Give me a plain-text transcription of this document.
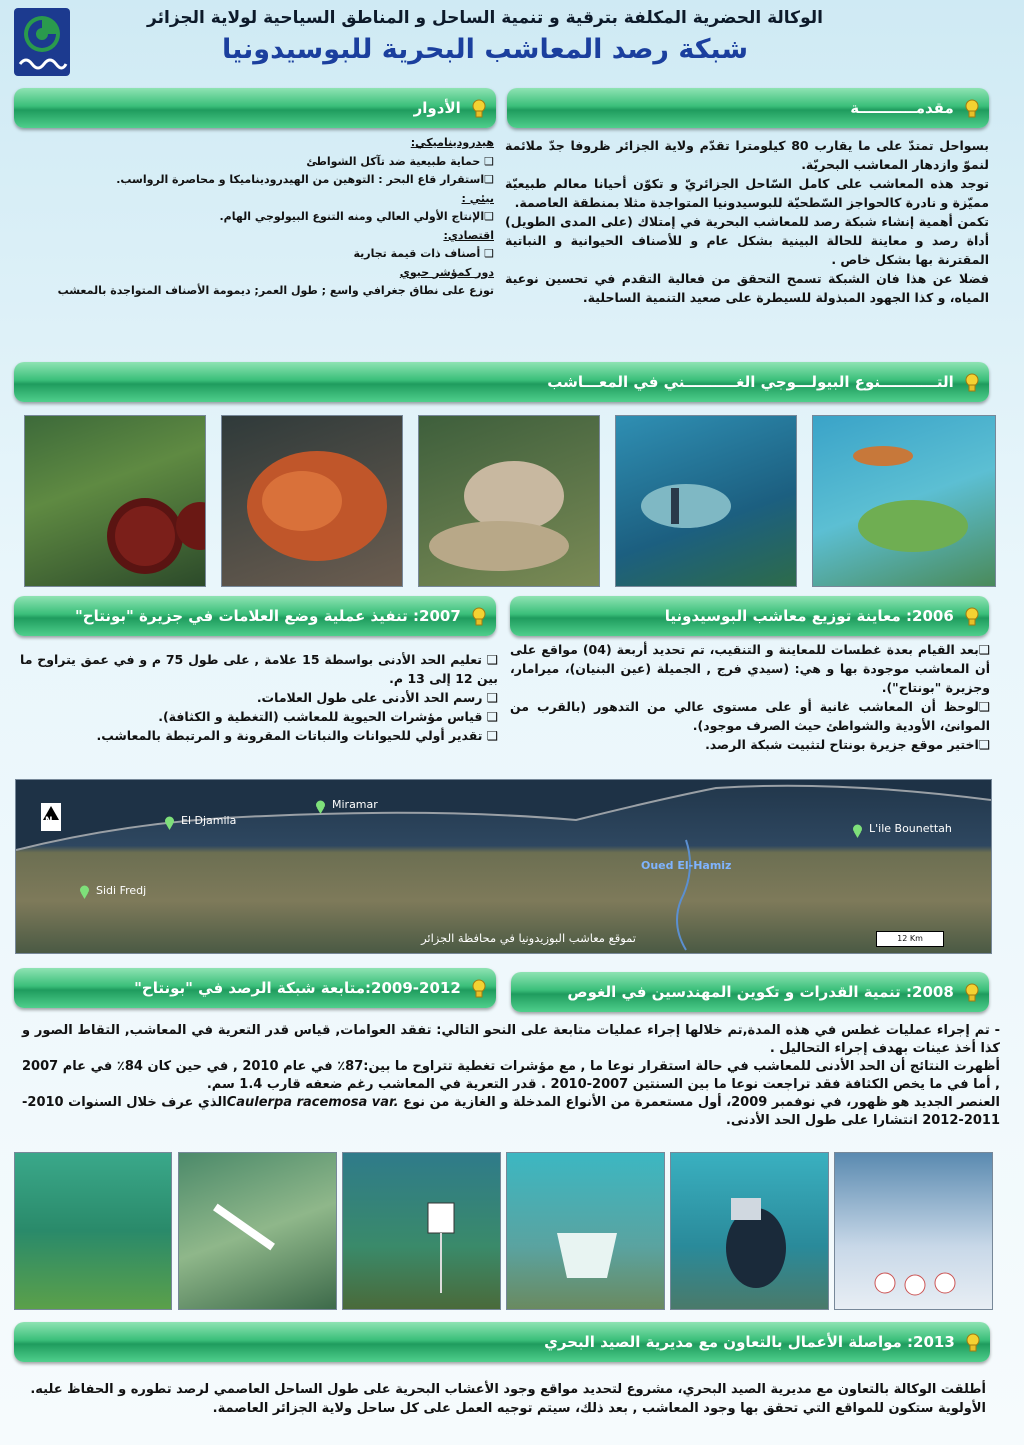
الوكالة الحضرية المكلفة بترقية و تنمية الساحل و المناطق السياحية لولاية الجزائر
شبكة رصد المعاشب البحرية للبوسيدونيا
مقدمـــــــــــة

بسواحل تمتدّ على ما يقارب 80 كيلومترا تقدّم ولاية الجزائر ظروفا جدّ ملائمة لنموّ وازدهار المعاشب البحريّة.

توجد هذه المعاشب على كامل السّاحل الجزائريّ و تكوّن أحيانا معالم طبيعيّة مميّزة و نادرة كالحواجز السّطحيّة للبوسيدونيا المتواجدة مثلا بمنطقة العاصمة.

تكمن أهمية إنشاء شبكة رصد للمعاشب البحرية في إمتلاك (على المدى الطويل) أداة رصد و معاينة للحالة البينية بشكل عام و للأصناف الحيوانية و النباتية المقترنة بها بشكل خاص .

فضلا عن هذا فان الشبكة تسمح التحقق من فعالية التقدم في تحسين نوعية المياه، و كذا الجهود المبذولة للسيطرة على صعيد التنمية الساحلية.

الأدوار
هيدروديناميكي:
❑ حماية طبيعية ضد تآكل الشواطئ
❑استقرار قاع البحر : التوهين من الهيدروديناميكا و محاصرة الرواسب.
بيئي :
❑الإنتاج الأولي العالي ومنه التنوع البيولوجي الهام.
اقتصادي:
❑ أصناف ذات قيمة تجارية
دور كمؤشر حيوي
توزع على نطاق جغرافي واسع ; طول العمر; ديمومة الأصناف المتواجدة بالمعشب
التـــــــــــنوع البيولـــوجي الغــــــــــني في المعـــاشب
2006: معاينة توزيع معاشب البوسيدونيا

❑بعد القيام بعدة غطسات للمعاينة و التنقيب، تم تحديد أربعة (04) مواقع على أن المعاشب موجودة بها و هي: (سيدي فرج , الجميلة (عين البنيان)، ميرامار، وجزيرة "بونتاح").

❑لوحظ أن المعاشب غانية أو على مستوى عالي من التدهور (بالقرب من الموانئ، الأودية والشواطئ حيث الصرف موجود).

❑اختير موقع جزيرة بونتاح لتثبيت شبكة الرصد.

2007: تنفيذ عملية وضع العلامات في جزيرة "بونتاح"

❑ تعليم الحد الأدنى بواسطة 15 علامة , على طول 75 م و في عمق يتراوح ما بين 12 إلى 13 م.

❑ رسم الحد الأدنى على طول العلامات.

❑ قياس مؤشرات الحيوية للمعاشب (التغطية و الكثافة).

❑ تقدير أولي للحيوانات والنباتات المقرونة و المرتبطة بالمعاشب.

N	El Djamila
Miramar
L'ile Bounettah
Sidi Fredj
Oued El-Hamiz
تموقع معاشب البوزيدونيا في محافظة الجزائر	12 Km
2008: تنمية القدرات و تكوين المهندسين في الغوص
2009-2012:متابعة شبكة الرصد في "بونتاح"

- تم إجراء عمليات غطس في هذه المدة,تم خلالها إجراء عمليات متابعة على النحو التالي: تفقد العوامات, قياس قدر التعرية في المعاشب, التقاط الصور و كذا أخذ عينات بهدف إجراء التحاليل .

أظهرت النتائج أن الحد الأدنى للمعاشب في حالة استقرار نوعا ما , مع مؤشرات تغطية تتراوح ما بين:87٪ في عام 2010 , في حين كان 84٪ في عام 2007 , أما في ما يخص الكثافة فقد تراجعت نوعا ما بين السنتين 2007-2010 . قدر التعرية في المعاشب رغم ضعفه قارب 1.4 سم.

العنصر الجديد هو ظهور، في نوفمبر 2009، أول مستعمرة من الأنواع المدخلة و الغازية من نوع Caulerpa racemosa var.الذي عرف خلال السنوات 2010-2011-2012 انتشارا على طول الحد الأدنى.

2013: مواصلة الأعمال بالتعاون مع مديرية الصيد البحري

أطلقت الوكالة بالتعاون مع مديرية الصيد البحري، مشروع لتحديد مواقع وجود الأعشاب البحرية على طول الساحل العاصمي لرصد تطوره و الحفاظ عليه.

الأولوية ستكون للمواقع التي تحقق بها وجود المعاشب , بعد ذلك، سيتم توجيه العمل على كل ساحل ولاية الجزائر العاصمة.
